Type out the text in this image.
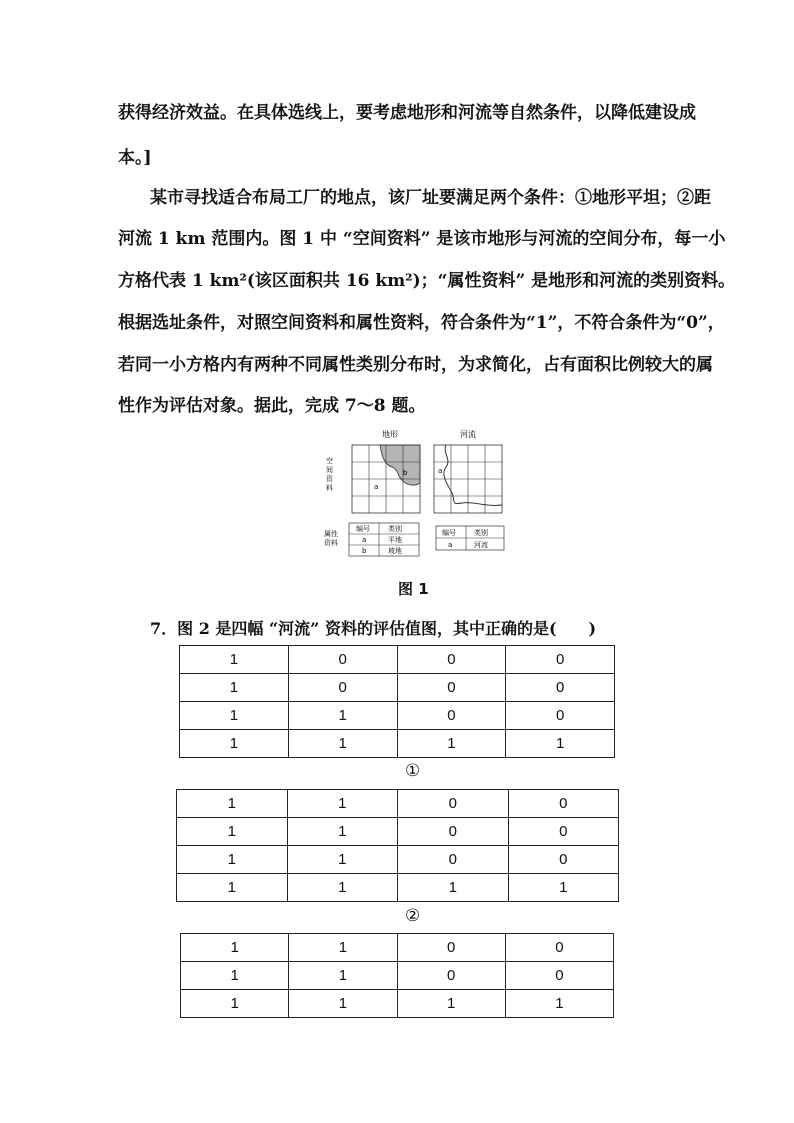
获得经济效益。在具体选线上，要考虑地形和河流等自然条件，以降低建设成
本。]
某市寻找适合布局工厂的地点，该厂址要满足两个条件：①地形平坦；②距
河流 1 km 范围内。图 1 中 “空间资料” 是该市地形与河流的空间分布，每一小
方格代表 1 km²(该区面积共 16 km²)；“属性资料” 是地形和河流的类别资料。
根据选址条件，对照空间资料和属性资料，符合条件为“1”，不符合条件为“0”，
若同一小方格内有两种不同属性类别分布时，为求简化，占有面积比例较大的属
性作为评估对象。据此，完成 7～8 题。
地形	河流
空
间
资
料	a
b	a
属性
资料
编号	类别
a	平地
b	坡地
编号	类别
a	河流
图 1
7．图 2 是四幅 “河流” 资料的评估值图，其中正确的是(　　)
1	0	0	0
1	0	0	0
1	1	0	0
1	1	1	1
①
1	1	0	0
1	1	0	0
1	1	0	0
1	1	1	1
②
1	1	0	0
1	1	0	0
1	1	1	1
